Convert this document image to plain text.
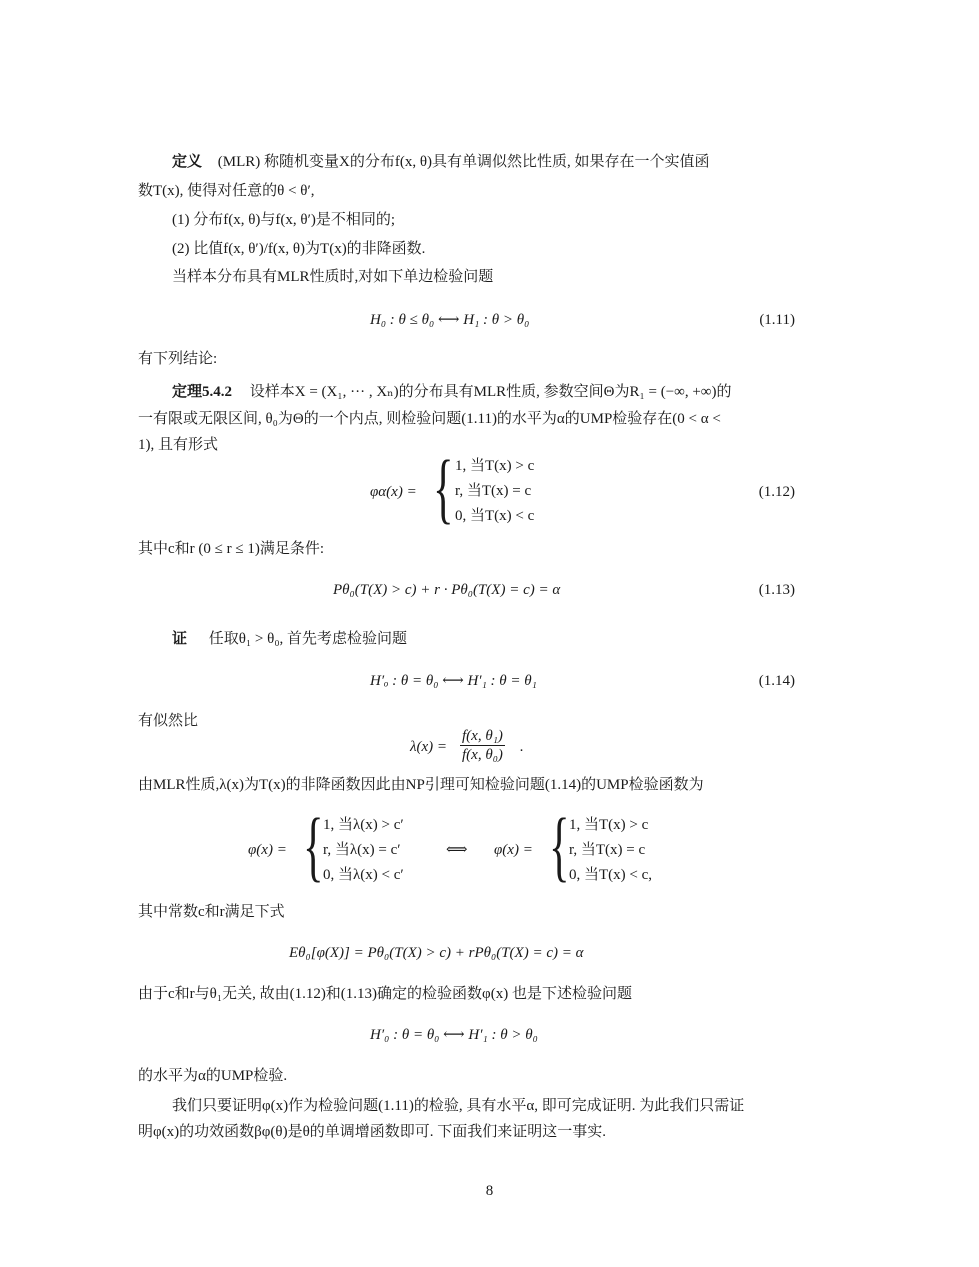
定义 (MLR) 称随机变量X的分布f(x, θ)具有单调似然比性质, 如果存在一个实值函
数T(x), 使得对任意的θ < θ′,
(1) 分布f(x, θ)与f(x, θ′)是不相同的;
(2) 比值f(x, θ′)/f(x, θ)为T(x)的非降函数.
当样本分布具有MLR性质时,对如下单边检验问题
H₀ : θ ≤ θ₀ ⟷ H₁ : θ > θ₀	(1.11)
有下列结论:
定理5.4.2 设样本X = (X₁, ··· , Xₙ)的分布具有MLR性质, 参数空间Θ为R₁ = (−∞, +∞)的
一有限或无限区间, θ₀为Θ的一个内点, 则检验问题(1.11)的水平为α的UMP检验存在(0 < α <
1), 且有形式
φα(x) = { 1, 当T(x) > c
r, 当T(x) = c
0, 当T(x) < c
(1.12)
其中c和r (0 ≤ r ≤ 1)满足条件:
Pθ₀(T(X) > c) + r · Pθ₀(T(X) = c) = α	(1.13)
证 任取θ₁ > θ₀, 首先考虑检验问题
H′ₒ : θ = θ₀ ⟷ H′₁ : θ = θ₁	(1.14)
有似然比
$\lambda(x) = \frac{\text{f(x, θ₁)}}{\text{f(x, θ₀)}}$ .
由MLR性质,λ(x)为T(x)的非降函数因此由NP引理可知检验问题(1.14)的UMP检验函数为
φ(x) = { 1, 当λ(x) > c′
r, 当λ(x) = c′
0, 当λ(x) < c′
⟺ φ(x) = { 1, 当T(x) > c
r, 当T(x) = c
0, 当T(x) < c,
其中常数c和r满足下式
Eθ₀[φ(X)] = Pθ₀(T(X) > c) + rPθ₀(T(X) = c) = α
由于c和r与θ₁无关, 故由(1.12)和(1.13)确定的检验函数φ(x) 也是下述检验问题
H′₀ : θ = θ₀ ⟷ H′₁ : θ > θ₀
的水平为α的UMP检验.
我们只要证明φ(x)作为检验问题(1.11)的检验, 具有水平α, 即可完成证明. 为此我们只需证
明φ(x)的功效函数βφ(θ)是θ的单调增函数即可. 下面我们来证明这一事实.
8
